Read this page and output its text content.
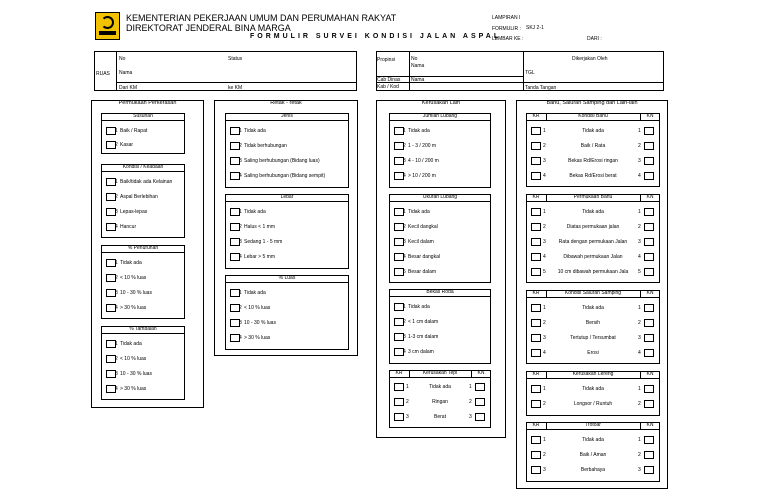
KEMENTERIAN PEKERJAAN UMUM DAN PERUMAHAN RAKYAT
DIREKTORAT JENDERAL BINA MARGA
FORMULIR SURVEI KONDISI JALAN ASPAL
LAMPIRAN I
FORMULIR : SKJ 2-1
LEMBAR KE :	DARI :
RUAS
No	Status
Nama
Dari KM	ke KM
Propinsi	No
Nama
Cab Dinas
Kab / Kod
Nama
Dikerjakan Oleh
TGL
Tanda Tangan
Permukaan Perkerasan	Retak - retak	Kerusakan Lain	Bahu, Saluran Samping dan Lain-lain
Susunan
1 Baik / Rapat
2 Kasar
Kondisi / Keadaan
1 Baik/tidak ada Kelainan
2 Aspal Berlebihan
3 Lepas-lepas
4 Hancur
% Penurunan
1 Tidak ada
2 < 10 % luas
3 10 - 30 % luas
4 > 30 % luas
% Tambalan
1 Tidak ada
2 < 10 % luas
3 10 - 30 % luas
4 > 30 % luas
Jenis
1 Tidak ada
2 Tidak berhubungan
3 Saling berhubungan (Bidang luas)
4 Saling berhubungan (Bidang sempit)
Lebar
1 Tidak ada
2 Halus < 1 mm
3 Sedang 1 - 5 mm
4 Lebar > 5 mm
% Luas
1 Tidak ada
2 < 10 % luas
3 10 - 30 % luas
4 > 30 % luas
Jumlah Lubang
1 Tidak ada
2 1 - 3 / 200 m
3 4 - 10 / 200 m
4 > 10 / 200 m
Ukuran Lubang
1 Tidak ada
2 Kecil dangkal
3 Kecil dalam
4 Besar dangkal
5 Besar dalam
Bekas Roda
1 Tidak ada
2 < 1 cm dalam
3 1-3 cm dalam
4 3 cm dalam
KR	Kerusakan Tepi	KN
1	Tidak ada	1
2	Ringan	2
3	Berat	3
KR	Kondisi Bahu	KN
1	Tidak ada	1
2	Baik / Rata	2
3	Bekas Rd/Erosi ringan	3
4	Bekas Rd/Erosi berat	4
KR	Permukaan Bahu	KN
1	Tidak ada	1
2	Diatas permukaan jalan	2
3	Rata dengan permukaan Jalan	3
4	Dibawah permukaan Jalan	4
5	10 cm dibawah permukaan Jala	5
KR	Kondisi Saluran Samping	KN
1	Tidak ada	1
2	Bersih	2
3	Tertutup / Tersumbat	3
4	Erosi	4
KR	Kerusakan Lereng	KN
1	Tidak ada	1
2	Longsor / Runtuh	2
KR	Trotoar	KN
1	Tidak ada	1
2	Baik / Aman	2
3	Berbahaya	3
